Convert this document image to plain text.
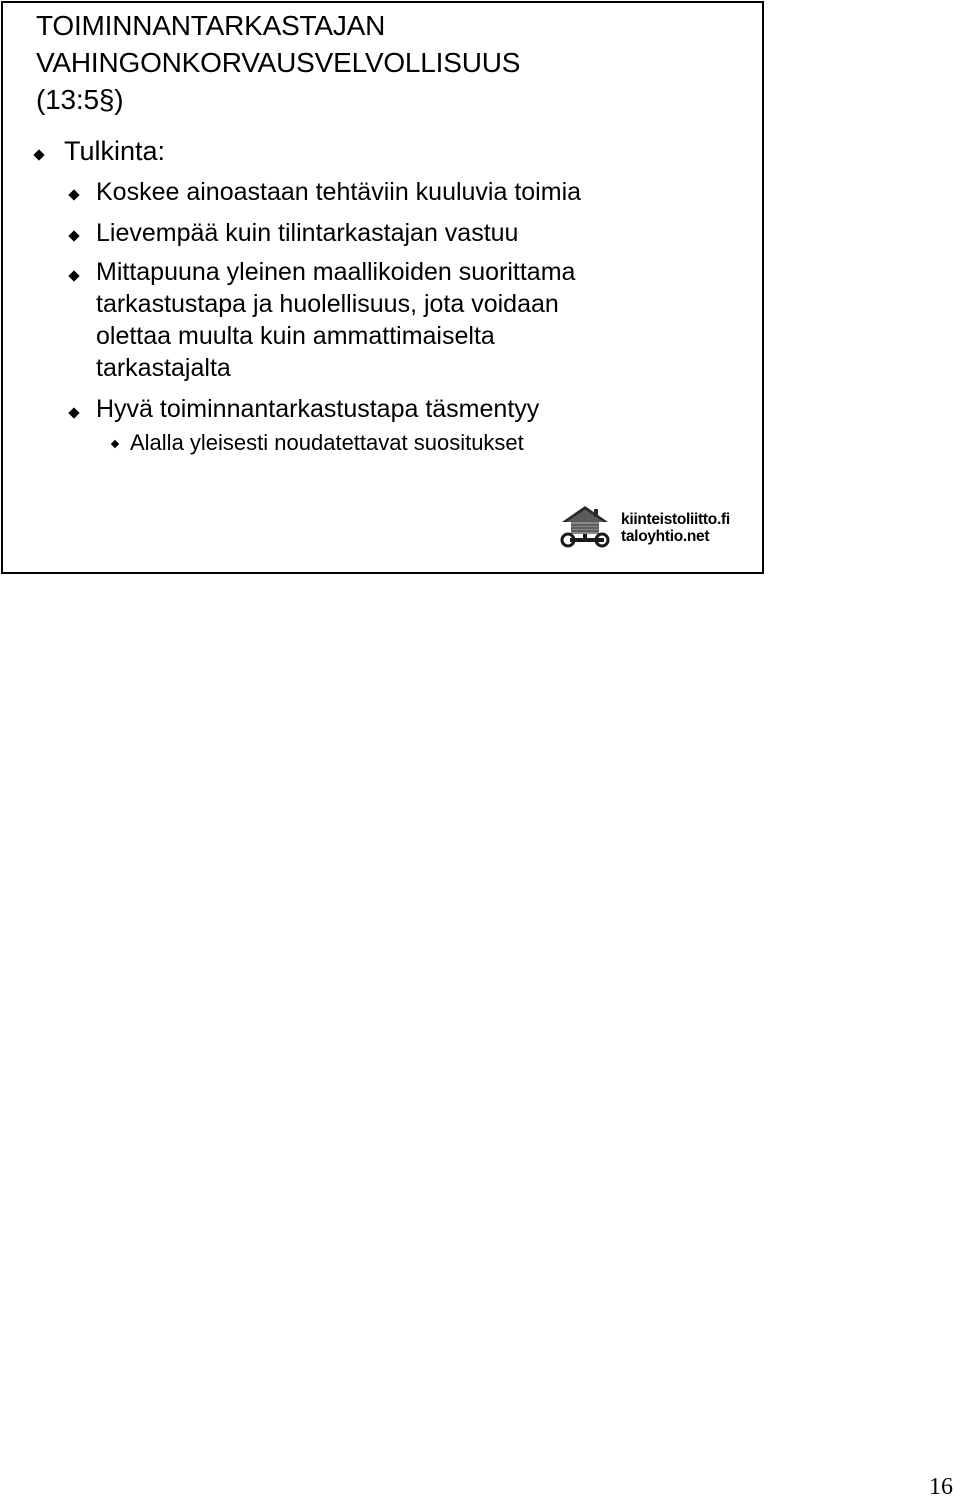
TOIMINNANTARKASTAJAN
VAHINGONKORVAUSVELVOLLISUUS
(13:5§)
Tulkinta:
Koskee ainoastaan tehtäviin kuuluvia toimia
Lievempää kuin tilintarkastajan vastuu
Mittapuuna yleinen maallikoiden suorittama
tarkastustapa ja huolellisuus, jota voidaan
olettaa muulta kuin ammattimaiselta
tarkastajalta
Hyvä toiminnantarkastustapa täsmentyy
Alalla yleisesti noudatettavat suositukset
kiinteistoliitto.fi
taloyhtio.net
16
